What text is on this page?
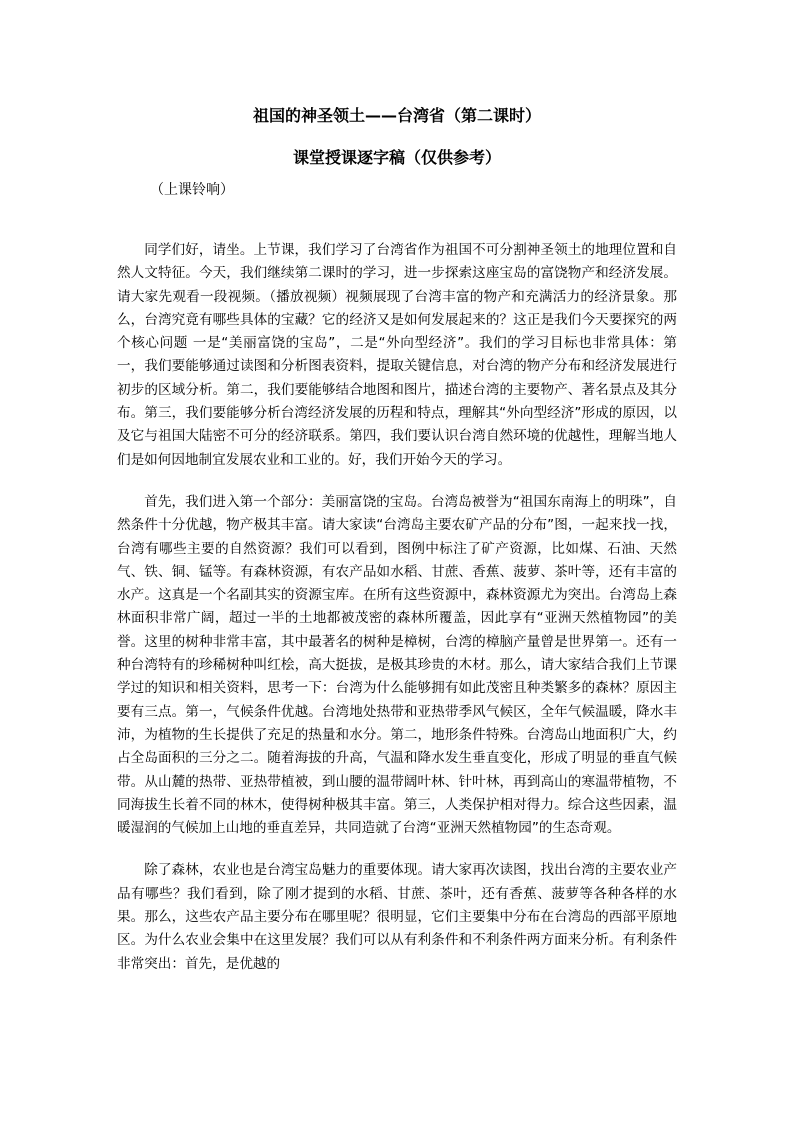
祖国的神圣领土——台湾省（第二课时）
课堂授课逐字稿（仅供参考）

（上课铃响）

同学们好，请坐。上节课，我们学习了台湾省作为祖国不可分割神圣领土的地理位置和自然人文特征。今天，我们继续第二课时的学习，进一步探索这座宝岛的富饶物产和经济发展。请大家先观看一段视频。（播放视频）视频展现了台湾丰富的物产和充满活力的经济景象。那么，台湾究竟有哪些具体的宝藏？它的经济又是如何发展起来的？这正是我们今天要探究的两个核心问题 一是“美丽富饶的宝岛”，二是“外向型经济”。我们的学习目标也非常具体：第一，我们要能够通过读图和分析图表资料，提取关键信息，对台湾的物产分布和经济发展进行初步的区域分析。第二，我们要能够结合地图和图片，描述台湾的主要物产、著名景点及其分布。第三，我们要能够分析台湾经济发展的历程和特点，理解其“外向型经济”形成的原因，以及它与祖国大陆密不可分的经济联系。第四，我们要认识台湾自然环境的优越性，理解当地人们是如何因地制宜发展农业和工业的。好，我们开始今天的学习。

首先，我们进入第一个部分：美丽富饶的宝岛。台湾岛被誉为“祖国东南海上的明珠”，自然条件十分优越，物产极其丰富。请大家读“台湾岛主要农矿产品的分布”图，一起来找一找，台湾有哪些主要的自然资源？我们可以看到，图例中标注了矿产资源，比如煤、石油、天然气、铁、铜、锰等。有森林资源，有农产品如水稻、甘蔗、香蕉、菠萝、茶叶等，还有丰富的水产。这真是一个名副其实的资源宝库。在所有这些资源中，森林资源尤为突出。台湾岛上森林面积非常广阔，超过一半的土地都被茂密的森林所覆盖，因此享有“亚洲天然植物园”的美誉。这里的树种非常丰富，其中最著名的树种是樟树，台湾的樟脑产量曾是世界第一。还有一种台湾特有的珍稀树种叫红桧，高大挺拔，是极其珍贵的木材。那么，请大家结合我们上节课学过的知识和相关资料，思考一下：台湾为什么能够拥有如此茂密且种类繁多的森林？原因主要有三点。第一，气候条件优越。台湾地处热带和亚热带季风气候区，全年气候温暖，降水丰沛，为植物的生长提供了充足的热量和水分。第二，地形条件特殊。台湾岛山地面积广大，约占全岛面积的三分之二。随着海拔的升高，气温和降水发生垂直变化，形成了明显的垂直气候带。从山麓的热带、亚热带植被，到山腰的温带阔叶林、针叶林，再到高山的寒温带植物，不同海拔生长着不同的林木，使得树种极其丰富。第三，人类保护相对得力。综合这些因素，温暖湿润的气候加上山地的垂直差异，共同造就了台湾“亚洲天然植物园”的生态奇观。

除了森林，农业也是台湾宝岛魅力的重要体现。请大家再次读图，找出台湾的主要农业产品有哪些？我们看到，除了刚才提到的水稻、甘蔗、茶叶，还有香蕉、菠萝等各种各样的水果。那么，这些农产品主要分布在哪里呢？很明显，它们主要集中分布在台湾岛的西部平原地区。为什么农业会集中在这里发展？我们可以从有利条件和不利条件两方面来分析。有利条件非常突出：首先，是优越的
